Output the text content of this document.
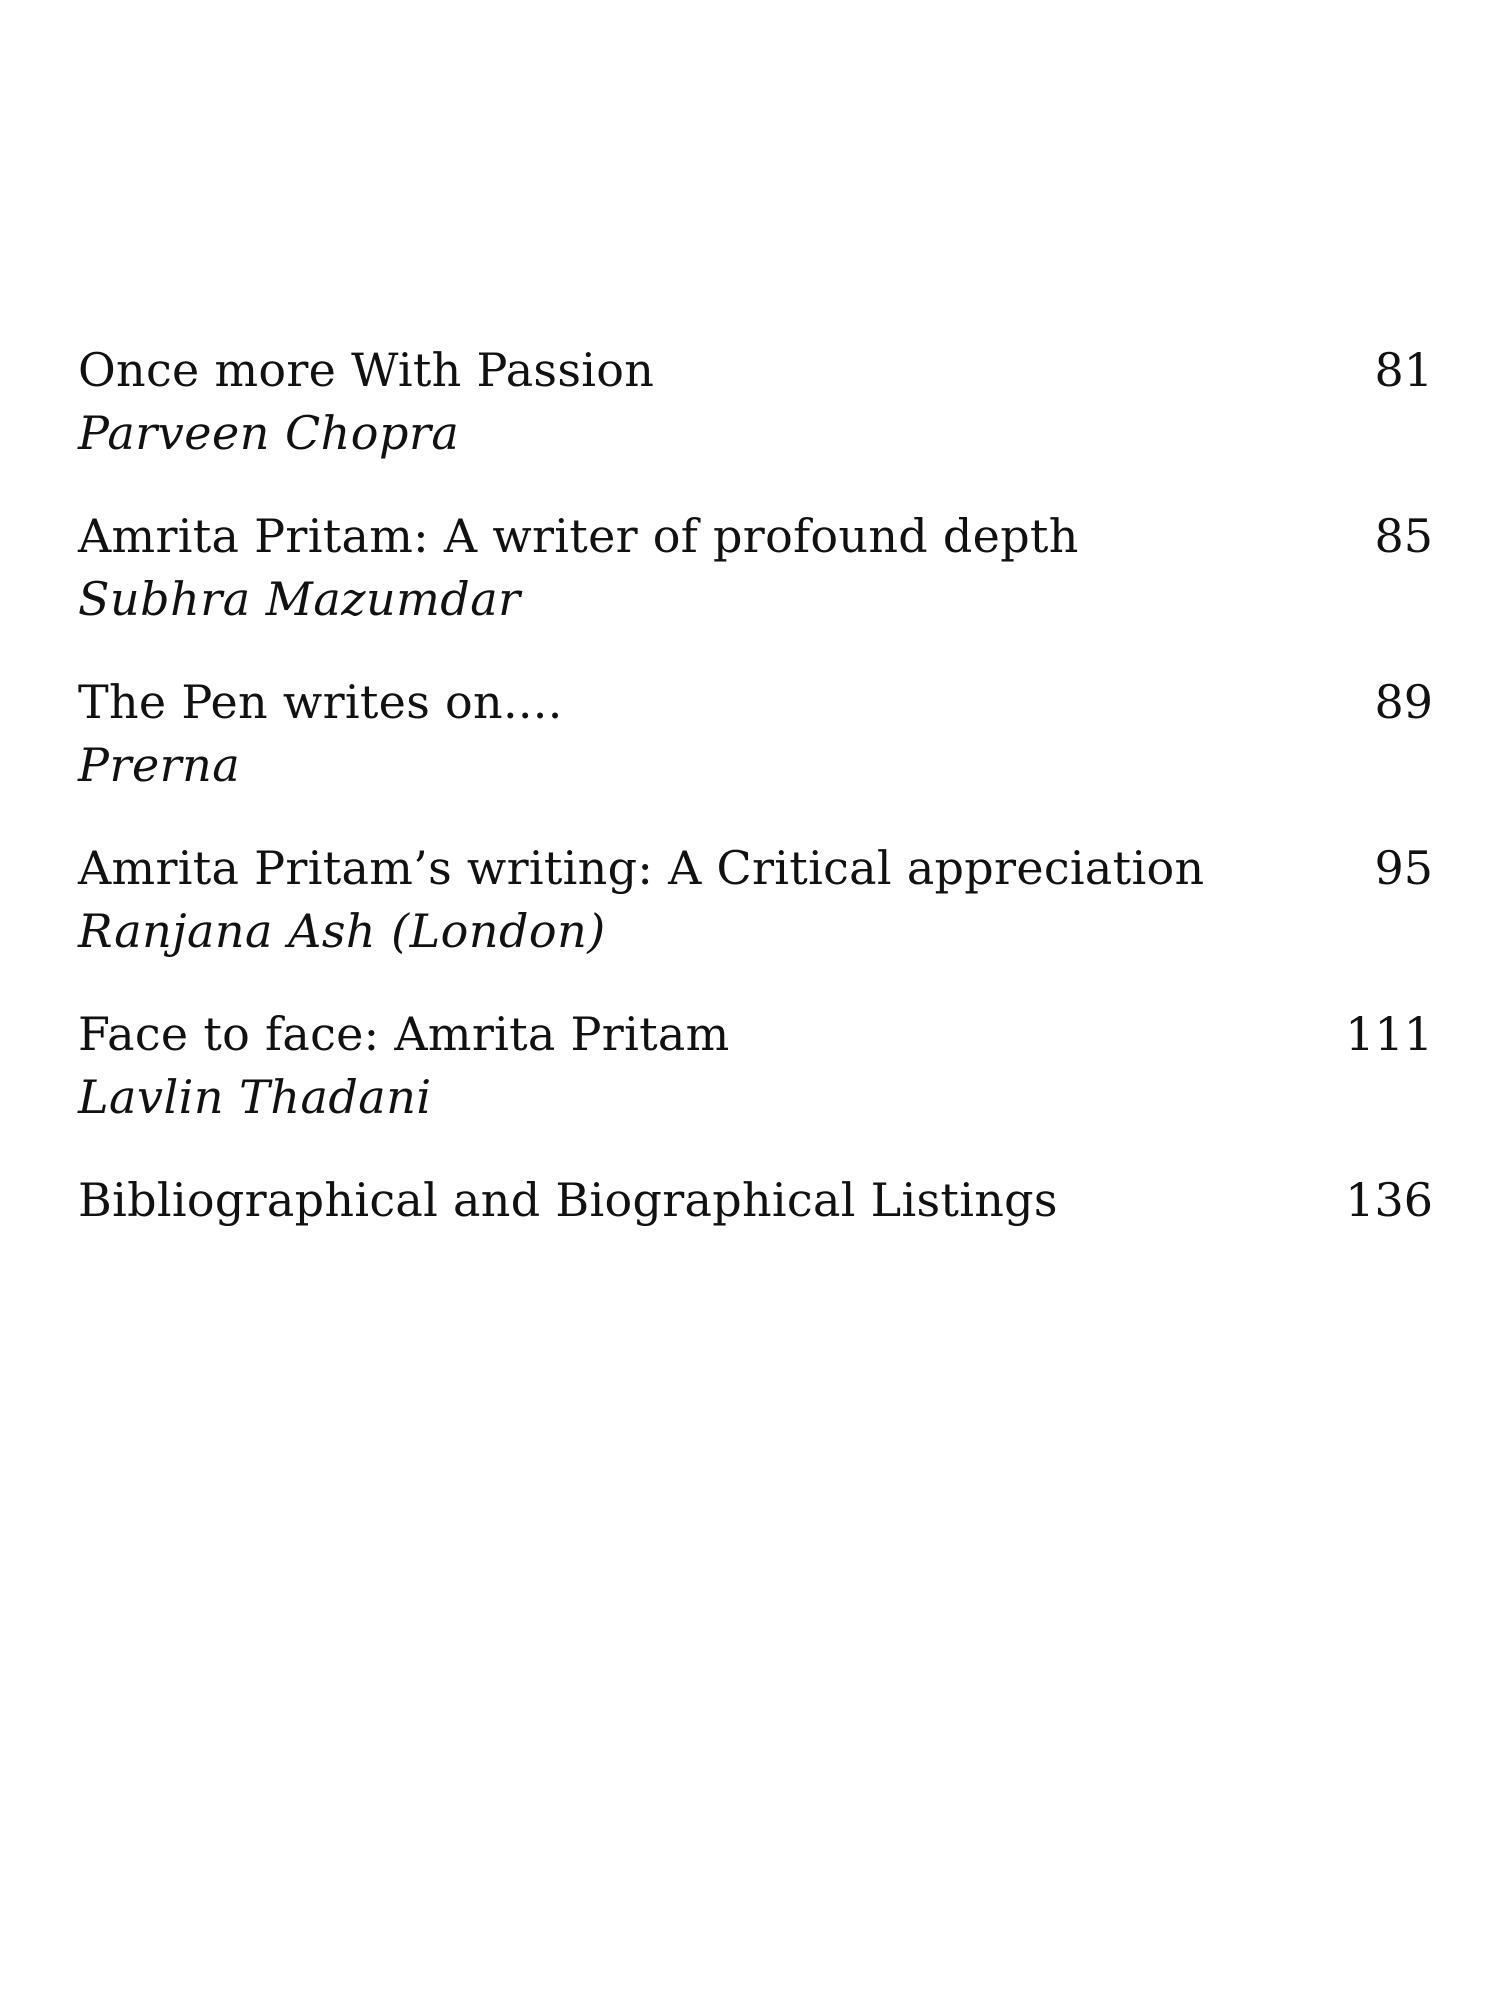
Once more With Passion	81
Parveen Chopra
Amrita Pritam: A writer of profound depth	85
Subhra Mazumdar
The Pen writes on....	89
Prerna
Amrita Pritam’s writing: A Critical appreciation	95
Ranjana Ash (London)
Face to face: Amrita Pritam	111
Lavlin Thadani
Bibliographical and Biographical Listings	136
